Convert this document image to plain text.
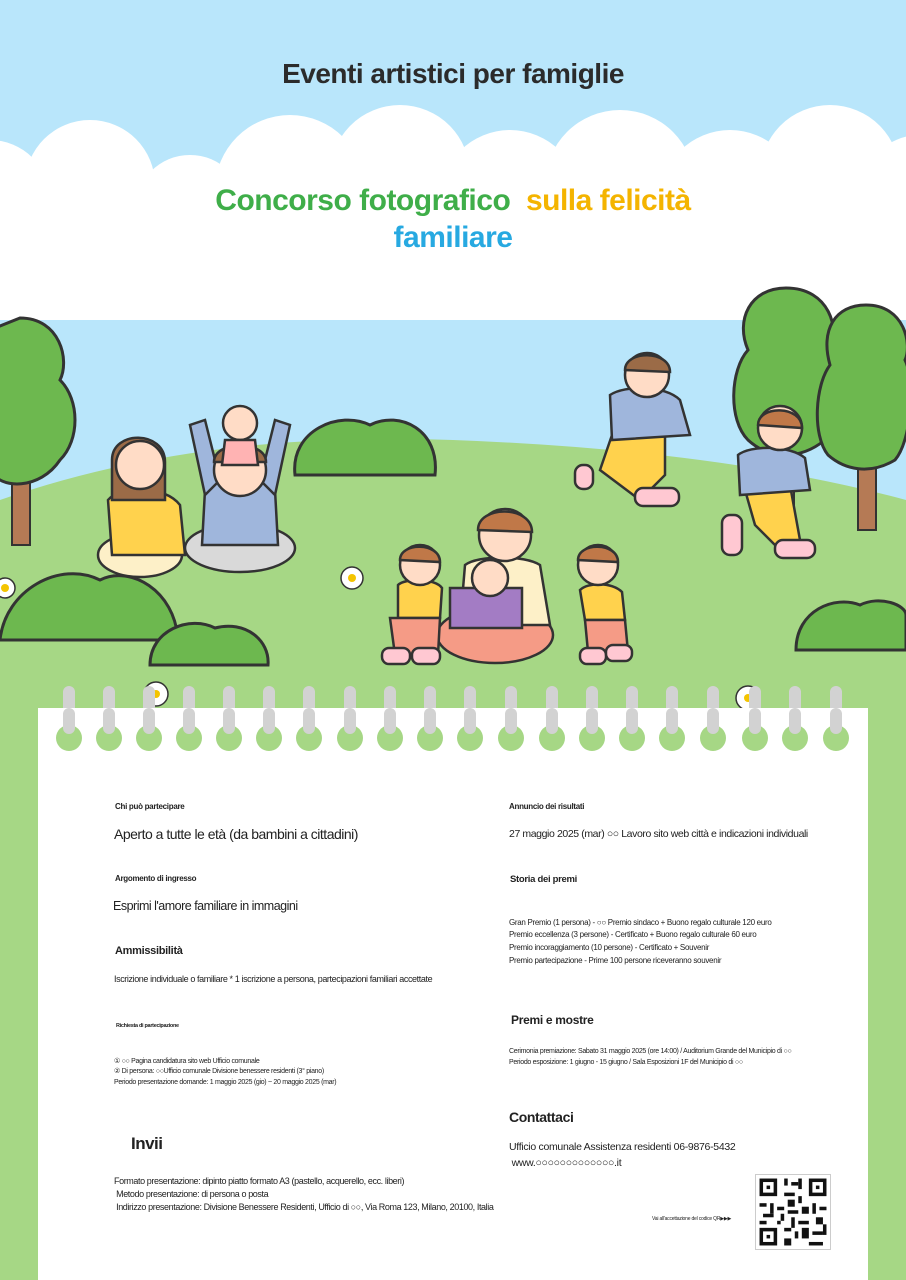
Eventi artistici per famiglie
Concorso fotografico sulla felicità
familiare
Chi può partecipare
Aperto a tutte le età (da bambini a cittadini)
Argomento di ingresso
Esprimi l'amore familiare in immagini
Ammissibilità
Iscrizione individuale o familiare * 1 iscrizione a persona, partecipazioni familiari accettate
Richiesta di partecipazione
① ○○ Pagina candidatura sito web Ufficio comunale
② Di persona: ○○Ufficio comunale Divisione benessere residenti (3° piano)
Periodo presentazione domande: 1 maggio 2025 (gio) ~ 20 maggio 2025 (mar)
Invii
Formato presentazione: dipinto piatto formato A3 (pastello, acquerello, ecc. liberi)
Metodo presentazione: di persona o posta
Indirizzo presentazione: Divisione Benessere Residenti, Ufficio di ○○, Via Roma 123, Milano, 20100, Italia
Annuncio dei risultati
27 maggio 2025 (mar) ○○ Lavoro sito web città e indicazioni individuali
Storia dei premi
Gran Premio (1 persona) - ○○ Premio sindaco + Buono regalo culturale 120 euro
Premio eccellenza (3 persone) - Certificato + Buono regalo culturale 60 euro
Premio incoraggiamento (10 persone) - Certificato + Souvenir
Premio partecipazione - Prime 100 persone riceveranno souvenir
Premi e mostre
Cerimonia premiazione: Sabato 31 maggio 2025 (ore 14:00) / Auditorium Grande del Municipio di ○○
Periodo esposizione: 1 giugno - 15 giugno / Sala Esposizioni 1F del Municipio di ○○
Contattaci
Ufficio comunale Assistenza residenti 06-9876-5432
www.○○○○○○○○○○○○○.it
Vai all'accettazione del codice QR▶▶▶
